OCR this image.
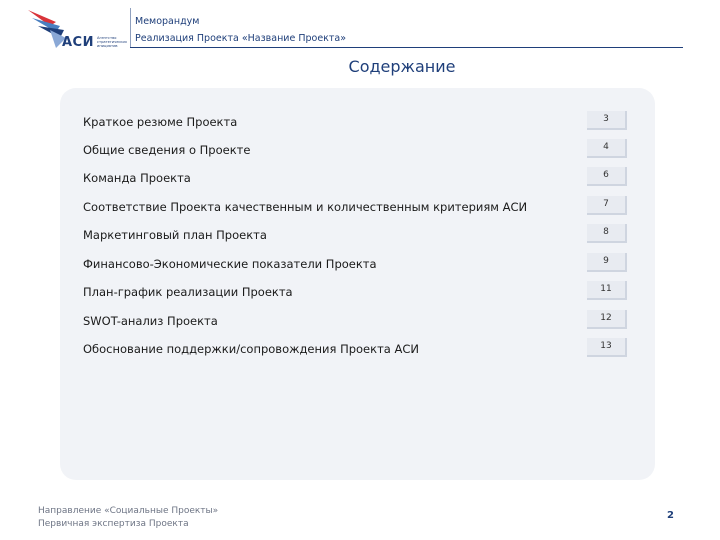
АСИ Агентство стратегических инициатив
Меморандум
Реализация Проекта «Название Проекта»
Содержание
Краткое резюме Проекта	3
Общие сведения о Проекте	4
Команда Проекта	6
Соответствие Проекта качественным и количественным критериям АСИ	7
Маркетинговый план Проекта	8
Финансово-Экономические показатели Проекта	9
План-график реализации Проекта	11
SWOT-анализ Проекта	12
Обоснование поддержки/сопровождения Проекта АСИ	13
Направление «Социальные Проекты»
Первичная экспертиза Проекта
2
